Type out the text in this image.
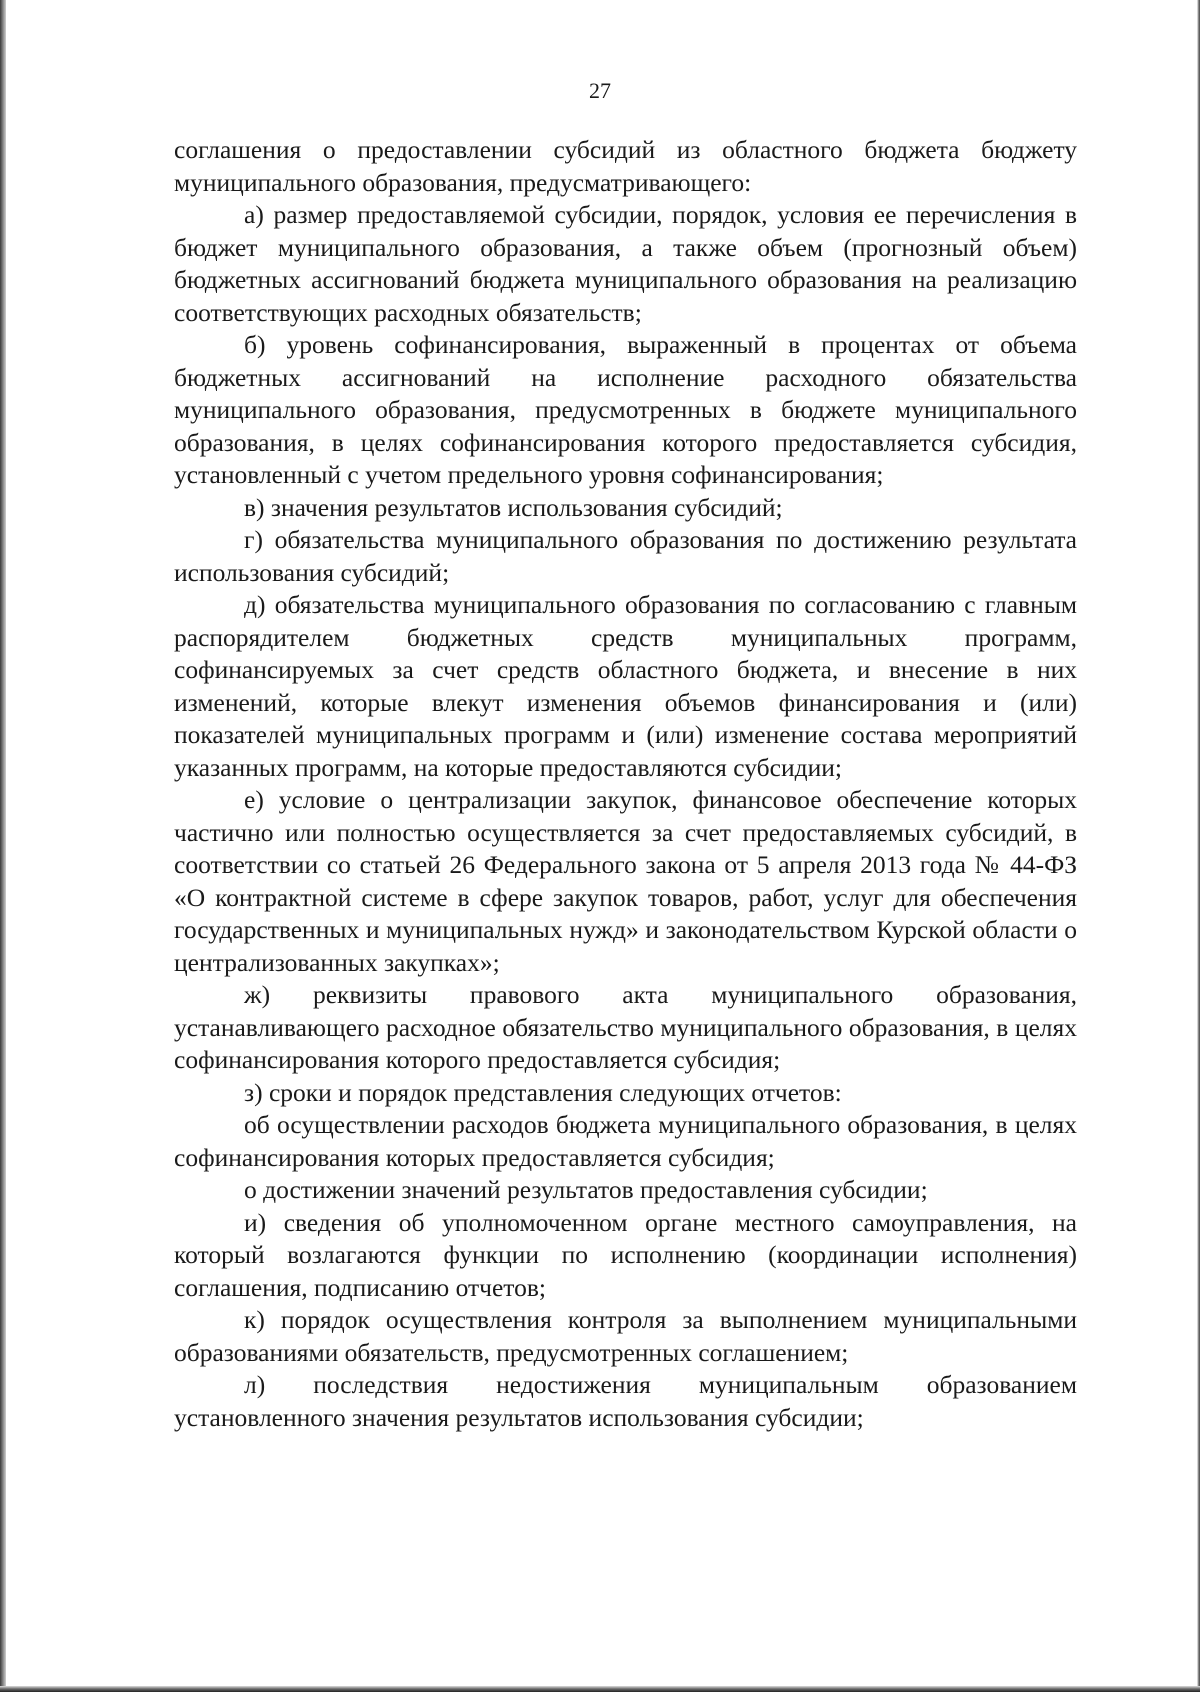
27

соглашения о предоставлении субсидий из областного бюджета бюджету муниципального образования, предусматривающего:

а) размер предоставляемой субсидии, порядок, условия ее перечисления в бюджет муниципального образования, а также объем (прогнозный объем) бюджетных ассигнований бюджета муниципального образования на реализацию соответствующих расходных обязательств;

б) уровень софинансирования, выраженный в процентах от объема бюджетных ассигнований на исполнение расходного обязательства муниципального образования, предусмотренных в бюджете муниципального образования, в целях софинансирования которого предоставляется субсидия, установленный с учетом предельного уровня софинансирования;

в) значения результатов использования субсидий;

г) обязательства муниципального образования по достижению результата использования субсидий;

д) обязательства муниципального образования по согласованию с главным распорядителем бюджетных средств муниципальных программ, софинансируемых за счет средств областного бюджета, и внесение в них изменений, которые влекут изменения объемов финансирования и (или) показателей муниципальных программ и (или) изменение состава мероприятий указанных программ, на которые предоставляются субсидии;

е) условие о централизации закупок, финансовое обеспечение которых частично или полностью осуществляется за счет предоставляемых субсидий, в соответствии со статьей 26 Федерального закона от 5 апреля 2013 года № 44-ФЗ «О контрактной системе в сфере закупок товаров, работ, услуг для обеспечения государственных и муниципальных нужд» и законодательством Курской области о централизованных закупках»;

ж) реквизиты правового акта муниципального образования, устанавливающего расходное обязательство муниципального образования, в целях софинансирования которого предоставляется субсидия;

з) сроки и порядок представления следующих отчетов:

об осуществлении расходов бюджета муниципального образования, в целях софинансирования которых предоставляется субсидия;

о достижении значений результатов предоставления субсидии;

и) сведения об уполномоченном органе местного самоуправления, на который возлагаются функции по исполнению (координации исполнения) соглашения, подписанию отчетов;

к) порядок осуществления контроля за выполнением муниципальными образованиями обязательств, предусмотренных соглашением;

л) последствия недостижения муниципальным образованием установленного значения результатов использования субсидии;
